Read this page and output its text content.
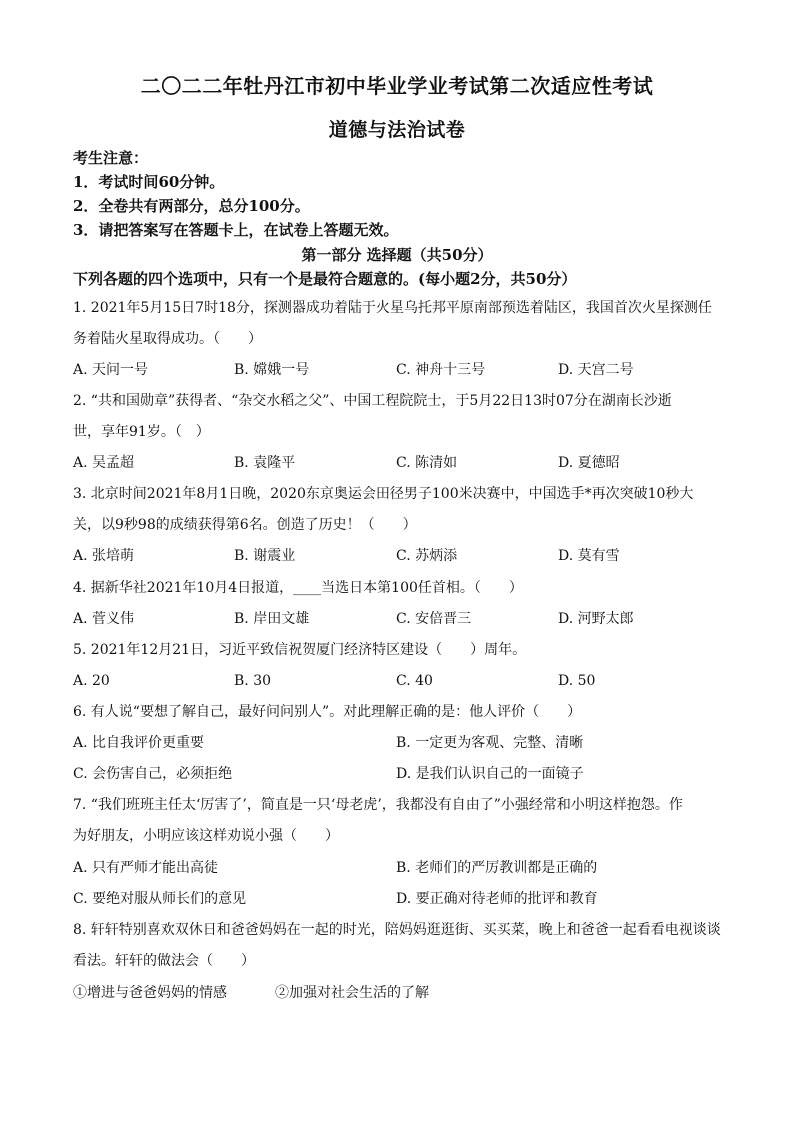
二〇二二年牡丹江市初中毕业学业考试第二次适应性考试
道德与法治试卷
考生注意：
1．考试时间60分钟。
2．全卷共有两部分，总分100分。
3．请把答案写在答题卡上，在试卷上答题无效。
第一部分 选择题（共50分）
下列各题的四个选项中，只有一个是最符合题意的。(每小题2分，共50分）
1. 2021年5月15日7时18分，探测器成功着陆于火星乌托邦平原南部预选着陆区，我国首次火星探测任
务着陆火星取得成功。（　　）
A. 天问一号	B. 嫦娥一号	C. 神舟十三号	D. 天宫二号
2. “共和国勋章”获得者、“杂交水稻之父”、中国工程院院士，于5月22日13时07分在湖南长沙逝
世，享年91岁。（　）
A. 吴孟超	B. 袁隆平	C. 陈清如	D. 夏德昭
3. 北京时间2021年8月1日晚，2020东京奥运会田径男子100米决赛中，中国选手*再次突破10秒大
关，以9秒98的成绩获得第6名。创造了历史！（　　）
A. 张培萌	B. 谢震业	C. 苏炳添	D. 莫有雪
4. 据新华社2021年10月4日报道，____当选日本第100任首相。（　　）
A. 菅义伟	B. 岸田文雄	C. 安倍晋三	D. 河野太郎
5. 2021年12月21日，习近平致信祝贺厦门经济特区建设（　　）周年。
A. 20	B. 30	C. 40	D. 50
6. 有人说“要想了解自己，最好问问别人”。对此理解正确的是：他人评价（　　）
A. 比自我评价更重要	B. 一定更为客观、完整、清晰
C. 会伤害自己，必须拒绝	D. 是我们认识自己的一面镜子
7. “我们班班主任太‘厉害了’，简直是一只‘母老虎’，我都没有自由了”小强经常和小明这样抱怨。作
为好朋友，小明应该这样劝说小强（　　）
A. 只有严师才能出高徒	B. 老师们的严厉教训都是正确的
C. 要绝对服从师长们的意见	D. 要正确对待老师的批评和教育
8. 轩轩特别喜欢双休日和爸爸妈妈在一起的时光，陪妈妈逛逛街、买买菜，晚上和爸爸一起看看电视谈谈
看法。轩轩的做法会（　　）
①增进与爸爸妈妈的情感	②加强对社会生活的了解
